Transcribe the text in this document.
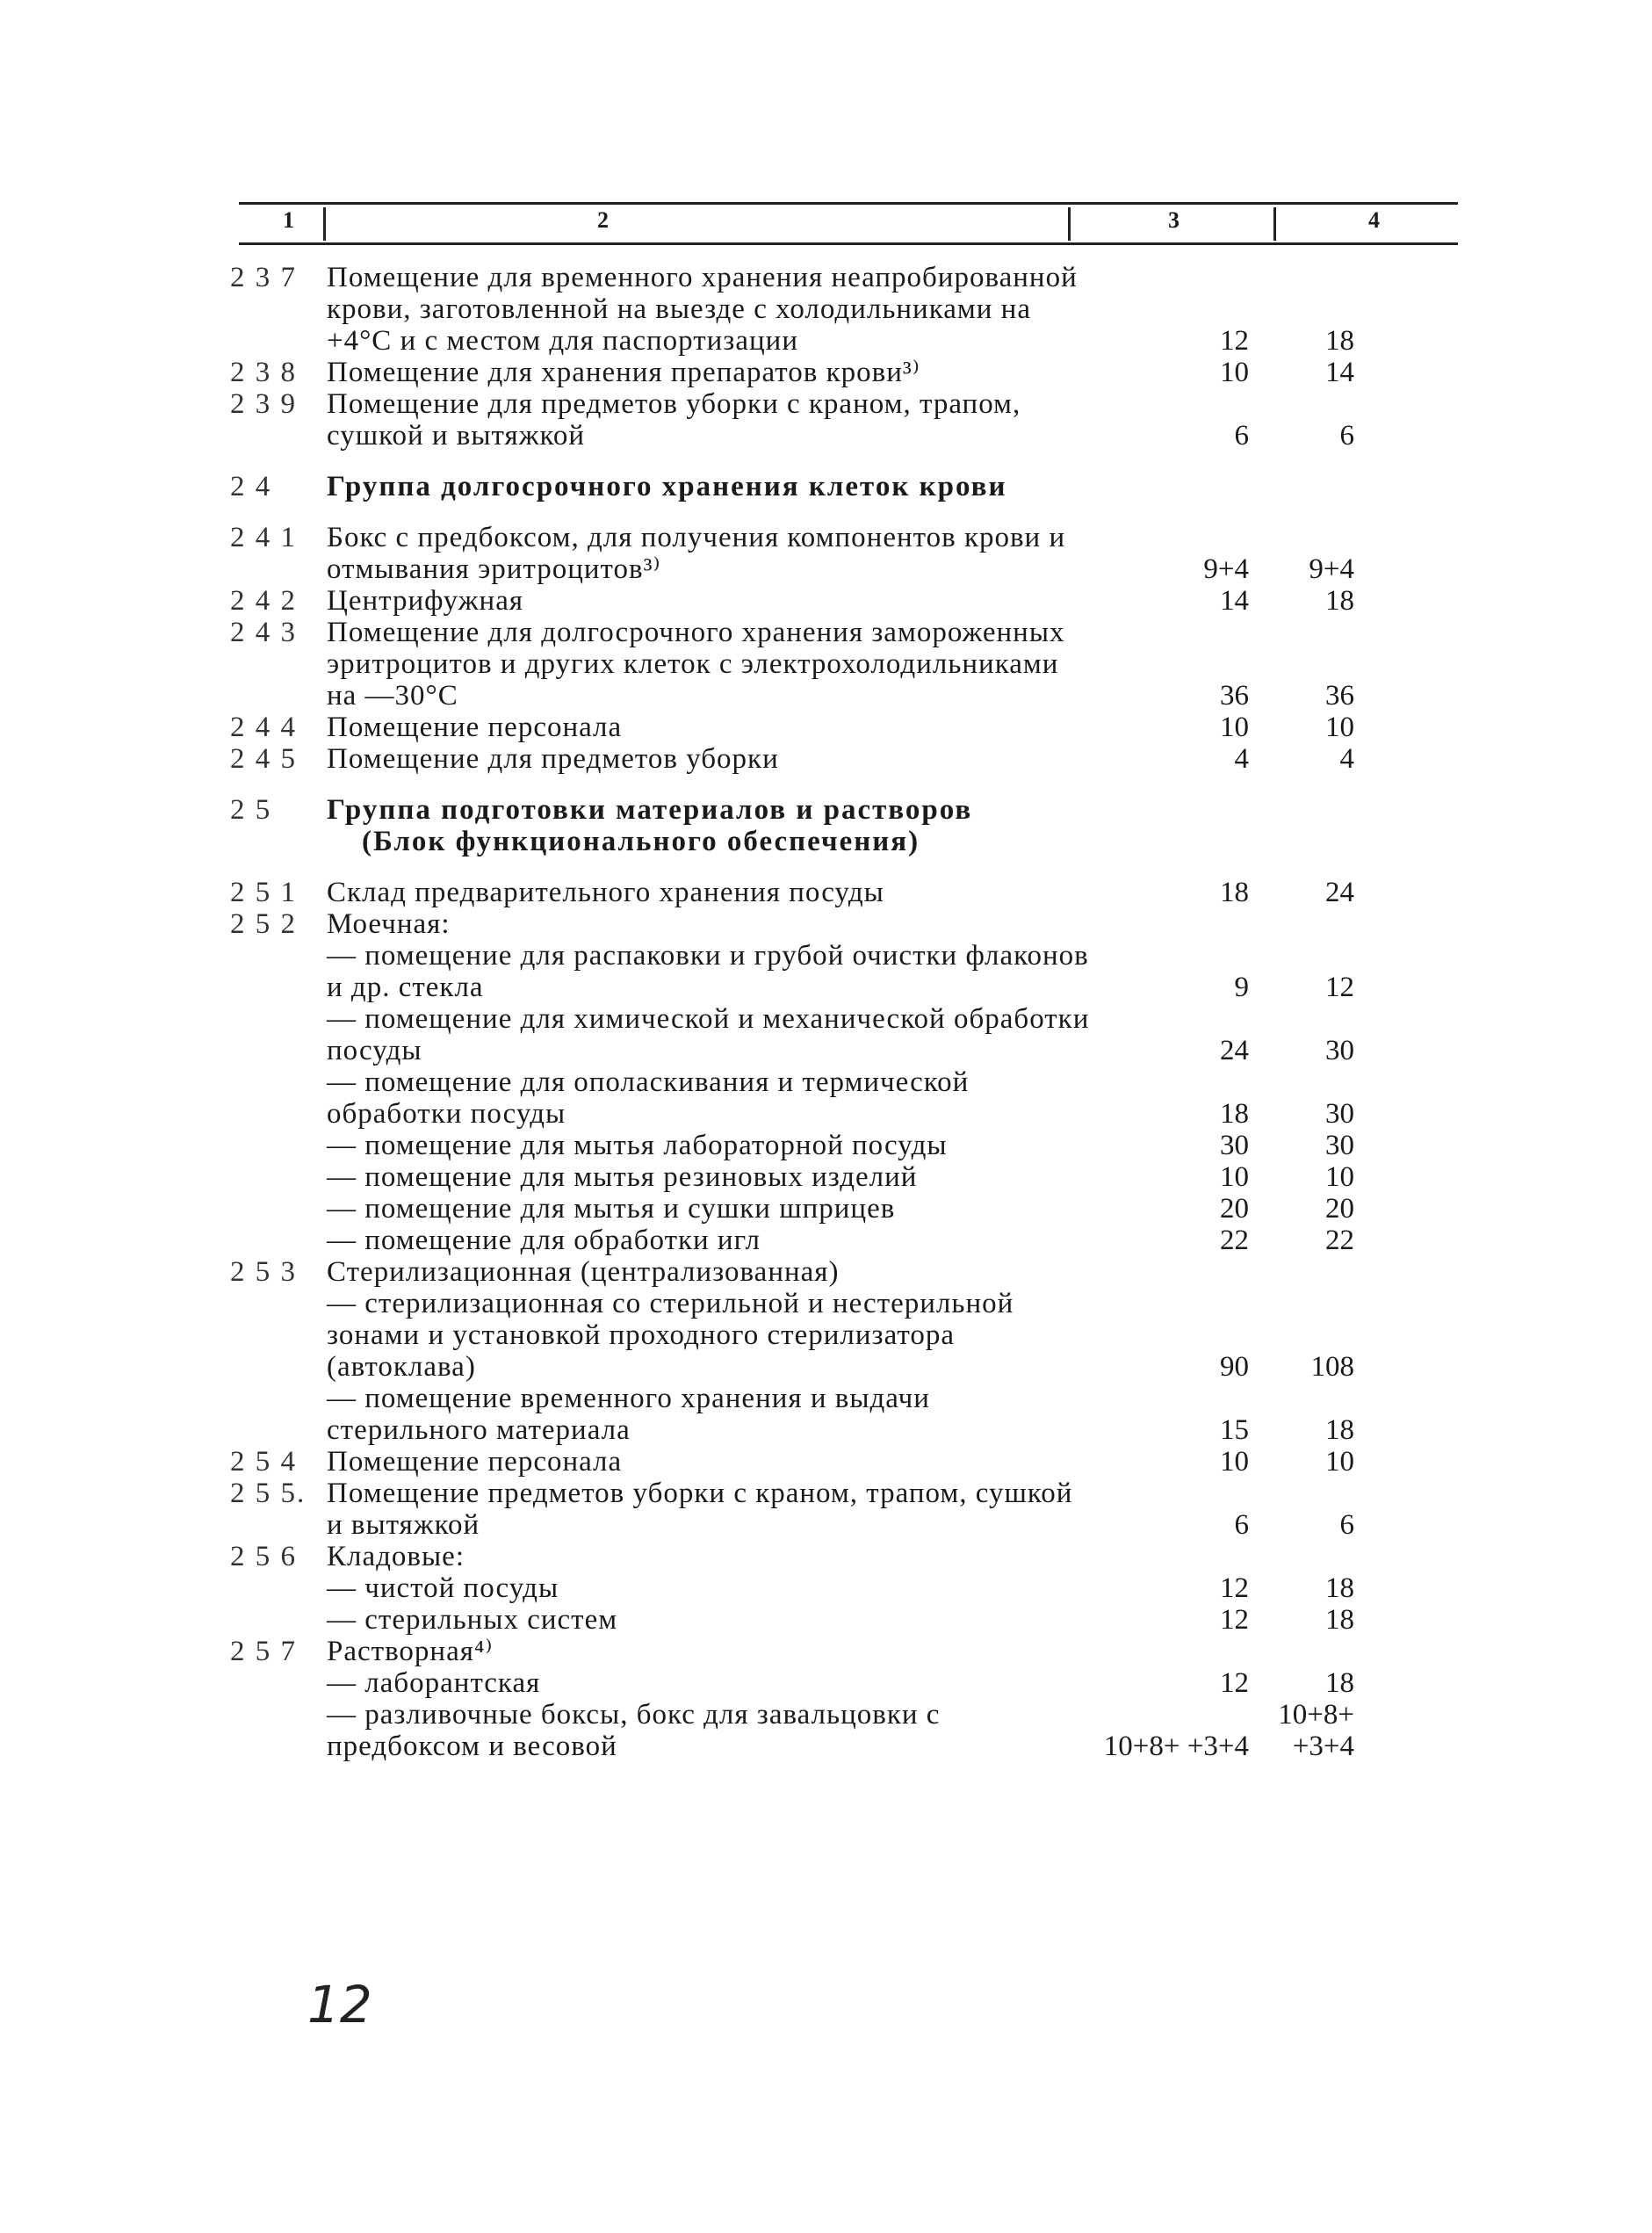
1	2	3	4
2 3 7	Помещение для временного хранения неапробированной крови, заготовленной на выезде с холодильниками на +4°С и с местом для паспортизации	12	18
2 3 8	Помещение для хранения препаратов крови³⁾	10	14
2 3 9	Помещение для предметов уборки с краном, трапом, сушкой и вытяжкой	6	6
2 4	Группа долгосрочного хранения клеток крови		

2 4 1	Бокс с предбоксом, для получения компонентов крови и отмывания эритроцитов³⁾	9+4	9+4
2 4 2	Центрифужная	14	18
2 4 3	Помещение для долгосрочного хранения замороженных эритроцитов и других клеток с электрохолодильниками на —30°С	36	36
2 4 4	Помещение персонала	10	10
2 4 5	Помещение для предметов уборки	4	4
2 5	Группа подготовки материалов и растворов
(Блок функционального обеспечения)		

2 5 1	Склад предварительного хранения посуды	18	24
2 5 2	Моечная:		

	— помещение для распаковки и грубой очистки флаконов и др. стекла	9	12

	— помещение для химической и механической обработки посуды	24	30

	— помещение для ополаскивания и термической обработки посуды	18	30

	— помещение для мытья лабораторной посуды	30	30

	— помещение для мытья резиновых изделий	10	10

	— помещение для мытья и сушки шприцев	20	20

	— помещение для обработки игл	22	22
2 5 3	Стерилизационная (централизованная)		

	— стерилизационная со стерильной и нестерильной зонами и установкой проходного стерилизатора (автоклава)	90	108

	— помещение временного хранения и выдачи стерильного материала	15	18
2 5 4	Помещение персонала	10	10
2 5 5.	Помещение предметов уборки с краном, трапом, сушкой и вытяжкой	6	6
2 5 6	Кладовые:		

	— чистой посуды	12	18

	— стерильных систем	12	18
2 5 7	Растворная⁴⁾		

	— лаборантская	12	18

	— разливочные боксы, бокс для завальцовки с предбоксом и весовой	10+8+ +3+4	10+8+ +3+4
12
